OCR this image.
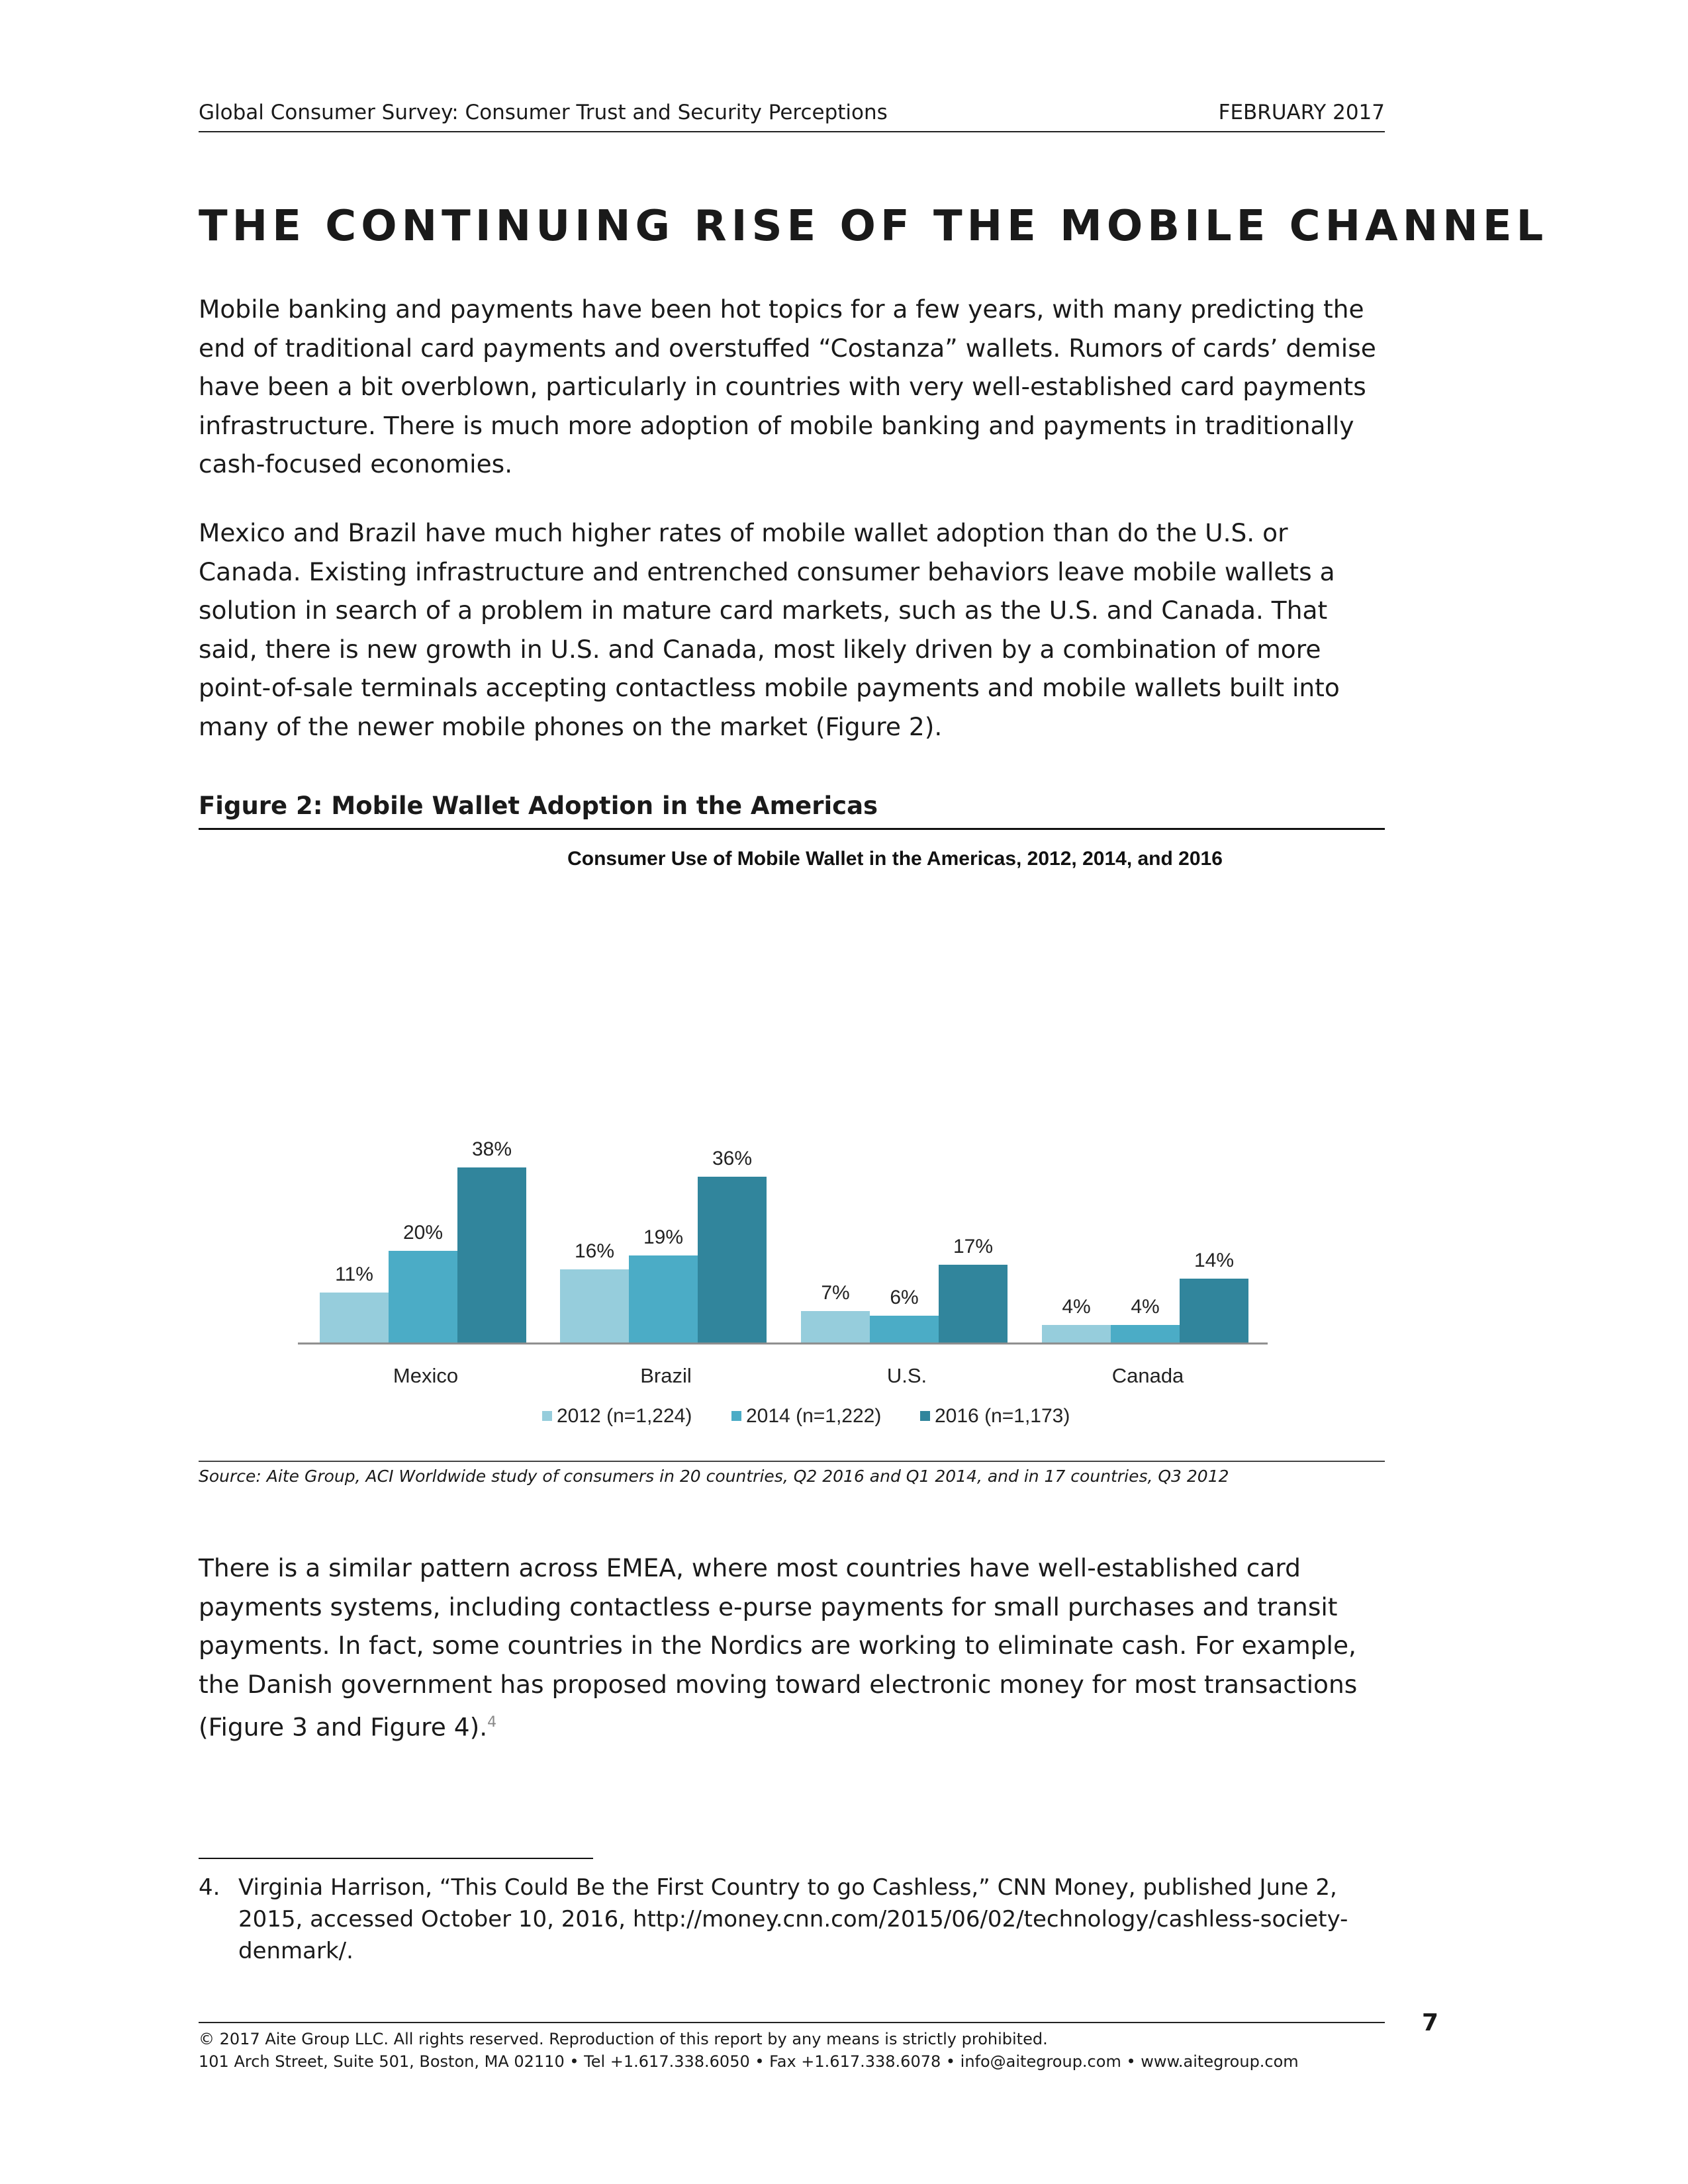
Global Consumer Survey: Consumer Trust and Security Perceptions	FEBRUARY 2017
THE CONTINUING RISE OF THE MOBILE CHANNEL

Mobile banking and payments have been hot topics for a few years, with many predicting the end of traditional card payments and overstuffed “Costanza” wallets. Rumors of cards’ demise have been a bit overblown, particularly in countries with very well-established card payments infrastructure. There is much more adoption of mobile banking and payments in traditionally cash-focused economies.

Mexico and Brazil have much higher rates of mobile wallet adoption than do the U.S. or Canada. Existing infrastructure and entrenched consumer behaviors leave mobile wallets a solution in search of a problem in mature card markets, such as the U.S. and Canada. That said, there is new growth in U.S. and Canada, most likely driven by a combination of more point-of-sale terminals accepting contactless mobile payments and mobile wallets built into many of the newer mobile phones on the market (Figure 2).

Figure 2: Mobile Wallet Adoption in the Americas
Consumer Use of Mobile Wallet in the Americas, 2012, 2014, and 2016
11%
20%
38%
16%
19%
36%
7% 6%
17%
4% 4%
14%
Mexico	Brazil	U.S.	Canada
2012 (n=1,224)	2014 (n=1,222)	2016 (n=1,173)
Source: Aite Group, ACI Worldwide study of consumers in 20 countries, Q2 2016 and Q1 2014, and in 17 countries, Q3 2012

There is a similar pattern across EMEA, where most countries have well-established card payments systems, including contactless e-purse payments for small purchases and transit payments. In fact, some countries in the Nordics are working to eliminate cash. For example, the Danish government has proposed moving toward electronic money for most transactions (Figure 3 and Figure 4).$^4$

4. Virginia Harrison, “This Could Be the First Country to go Cashless,” CNN Money, published June 2, 2015, accessed October 10, 2016, http://money.cnn.com/2015/06/02/technology/cashless-society-denmark/.
7
© 2017 Aite Group LLC. All rights reserved. Reproduction of this report by any means is strictly prohibited.
101 Arch Street, Suite 501, Boston, MA 02110 • Tel +1.617.338.6050 • Fax +1.617.338.6078 • info@aitegroup.com • www.aitegroup.com
